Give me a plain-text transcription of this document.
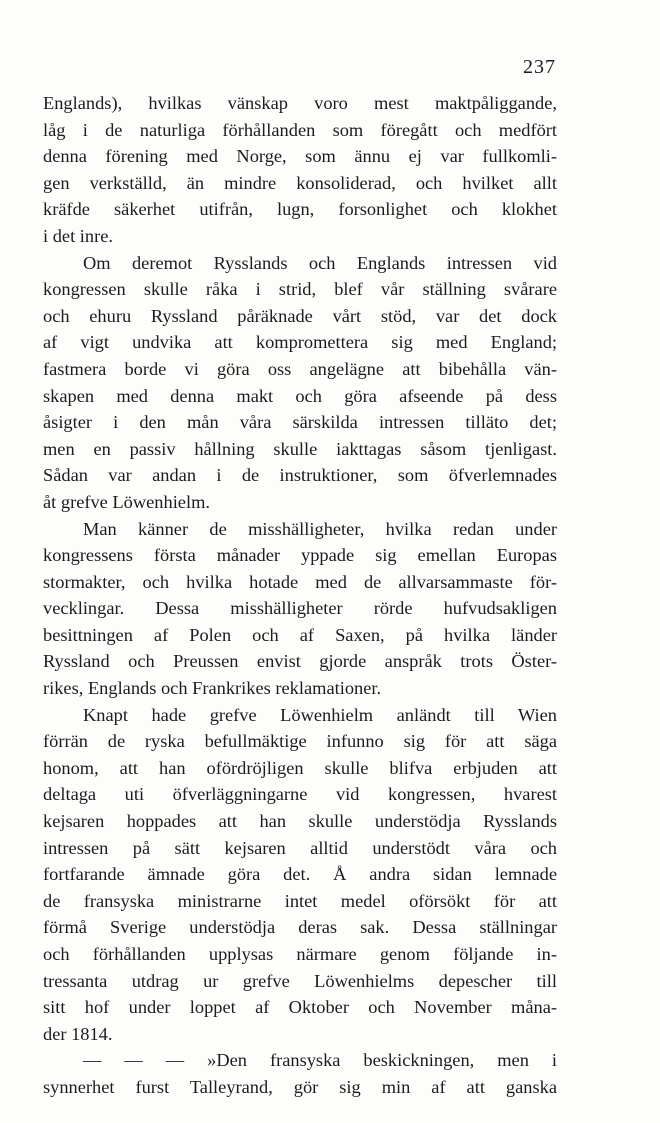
237
Englands), hvilkas vänskap voro mest maktpåliggande,
låg i de naturliga förhållanden som föregått och medfört
denna förening med Norge, som ännu ej var fullkomli-
gen verkställd, än mindre konsoliderad, och hvilket allt
kräfde säkerhet utifrån, lugn, forsonlighet och klokhet
i det inre.
Om deremot Rysslands och Englands intressen vid
kongressen skulle råka i strid, blef vår ställning svårare
och ehuru Ryssland påräknade vårt stöd, var det dock
af vigt undvika att kompromettera sig med England;
fastmera borde vi göra oss angelägne att bibehålla vän-
skapen med denna makt och göra afseende på dess
åsigter i den mån våra särskilda intressen tilläto det;
men en passiv hållning skulle iakttagas såsom tjenligast.
Sådan var andan i de instruktioner, som öfverlemnades
åt grefve Löwenhielm.
Man känner de misshälligheter, hvilka redan under
kongressens första månader yppade sig emellan Europas
stormakter, och hvilka hotade med de allvarsammaste för-
vecklingar. Dessa misshälligheter rörde hufvudsakligen
besittningen af Polen och af Saxen, på hvilka länder
Ryssland och Preussen envist gjorde anspråk trots Öster-
rikes, Englands och Frankrikes reklamationer.
Knapt hade grefve Löwenhielm anländt till Wien
förrän de ryska befullmäktige infunno sig för att säga
honom, att han ofördröjligen skulle blifva erbjuden att
deltaga uti öfverläggningarne vid kongressen, hvarest
kejsaren hoppades att han skulle understödja Rysslands
intressen på sätt kejsaren alltid understödt våra och
fortfarande ämnade göra det. Å andra sidan lemnade
de fransyska ministrarne intet medel oförsökt för att
förmå Sverige understödja deras sak. Dessa ställningar
och förhållanden upplysas närmare genom följande in-
tressanta utdrag ur grefve Löwenhielms depescher till
sitt hof under loppet af Oktober och November måna-
der 1814.
— — — »Den fransyska beskickningen, men i
synnerhet furst Talleyrand, gör sig min af att ganska
